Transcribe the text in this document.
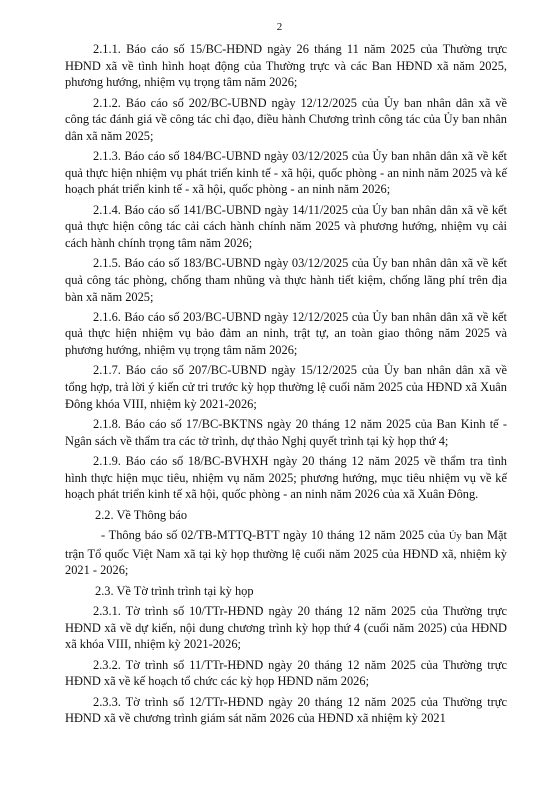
2

2.1.1. Báo cáo số 15/BC-HĐND ngày 26 tháng 11 năm 2025 của Thường trực HĐND xã về tình hình hoạt động của Thường trực và các Ban HĐND xã năm 2025, phương hướng, nhiệm vụ trọng tâm năm 2026;

2.1.2. Báo cáo số 202/BC-UBND ngày 12/12/2025 của Ủy ban nhân dân xã về công tác đánh giá về công tác chỉ đạo, điều hành Chương trình công tác của Ủy ban nhân dân xã năm 2025;

2.1.3. Báo cáo số 184/BC-UBND ngày 03/12/2025 của Ủy ban nhân dân xã về kết quả thực hiện nhiệm vụ phát triển kinh tế - xã hội, quốc phòng - an ninh năm 2025 và kế hoạch phát triển kinh tế - xã hội, quốc phòng - an ninh năm 2026;

2.1.4. Báo cáo số 141/BC-UBND ngày 14/11/2025 của Ủy ban nhân dân xã về kết quả thực hiện công tác cải cách hành chính năm 2025 và phương hướng, nhiệm vụ cải cách hành chính trọng tâm năm 2026;

2.1.5. Báo cáo số 183/BC-UBND ngày 03/12/2025 của Ủy ban nhân dân xã về kết quả công tác phòng, chống tham nhũng và thực hành tiết kiệm, chống lãng phí trên địa bàn xã năm 2025;

2.1.6. Báo cáo số 203/BC-UBND ngày 12/12/2025 của Ủy ban nhân dân xã về kết quả thực hiện nhiệm vụ bảo đảm an ninh, trật tự, an toàn giao thông năm 2025 và phương hướng, nhiệm vụ trọng tâm năm 2026;

2.1.7. Báo cáo số 207/BC-UBND ngày 15/12/2025 của Ủy ban nhân dân xã về tổng hợp, trả lời ý kiến cử tri trước kỳ họp thường lệ cuối năm 2025 của HĐND xã Xuân Đông khóa VIII, nhiệm kỳ 2021-2026;

2.1.8. Báo cáo số 17/BC-BKTNS ngày 20 tháng 12 năm 2025 của Ban Kinh tế - Ngân sách về thẩm tra các tờ trình, dự thảo Nghị quyết trình tại kỳ họp thứ 4;

2.1.9. Báo cáo số 18/BC-BVHXH ngày 20 tháng 12 năm 2025 về thẩm tra tình hình thực hiện mục tiêu, nhiệm vụ năm 2025; phương hướng, mục tiêu nhiệm vụ về kế hoạch phát triển kinh tế xã hội, quốc phòng - an ninh năm 2026 của xã Xuân Đông.

2.2. Về Thông báo

- Thông báo số 02/TB-MTTQ-BTT ngày 10 tháng 12 năm 2025 của Ủy ban Mặt trận Tổ quốc Việt Nam xã tại kỳ họp thường lệ cuối năm 2025 của HĐND xã, nhiệm kỳ 2021 - 2026;

2.3. Về Tờ trình trình tại kỳ họp

2.3.1. Tờ trình số 10/TTr-HĐND ngày 20 tháng 12 năm 2025 của Thường trực HĐND xã về dự kiến, nội dung chương trình kỳ họp thứ 4 (cuối năm 2025) của HĐND xã khóa VIII, nhiệm kỳ 2021-2026;

2.3.2. Tờ trình số 11/TTr-HĐND ngày 20 tháng 12 năm 2025 của Thường trực HĐND xã về kế hoạch tổ chức các kỳ họp HĐND năm 2026;

2.3.3. Tờ trình số 12/TTr-HĐND ngày 20 tháng 12 năm 2025 của Thường trực HĐND xã về chương trình giám sát năm 2026 của HĐND xã nhiệm kỳ 2021
